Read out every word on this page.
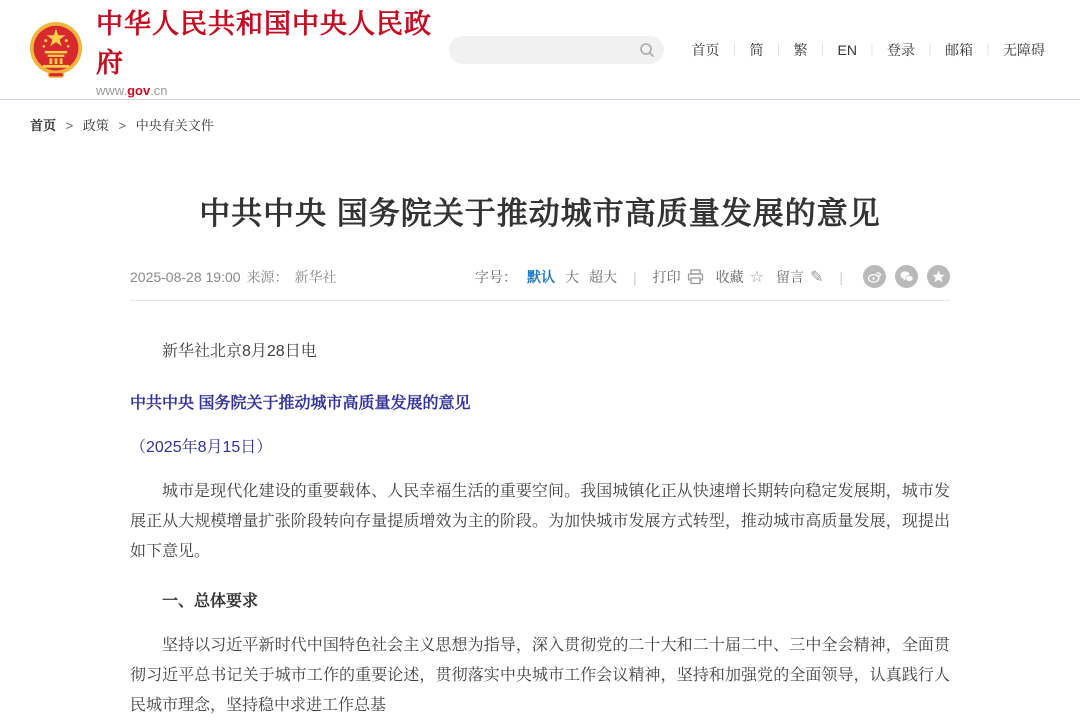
中华人民共和国中央人民政府
www.gov.cn
首页 ｜ 简 ｜ 繁 ｜ EN ｜ 登录 ｜ 邮箱 ｜ 无障碍
首页 > 政策 > 中央有关文件
中共中央 国务院关于推动城市高质量发展的意见
2025-08-28 19:00 来源： 新华社	字号： 默认 大 超大 | 打印	收藏 ☆ 留言 ✎ |

新华社北京8月28日电

中共中央 国务院关于推动城市高质量发展的意见

（2025年8月15日）

城市是现代化建设的重要载体、人民幸福生活的重要空间。我国城镇化正从快速增长期转向稳定发展期，城市发展正从大规模增量扩张阶段转向存量提质增效为主的阶段。为加快城市发展方式转型，推动城市高质量发展，现提出如下意见。

一、总体要求

坚持以习近平新时代中国特色社会主义思想为指导，深入贯彻党的二十大和二十届二中、三中全会精神，全面贯彻习近平总书记关于城市工作的重要论述，贯彻落实中央城市工作会议精神，坚持和加强党的全面领导，认真践行人民城市理念，坚持稳中求进工作总基
